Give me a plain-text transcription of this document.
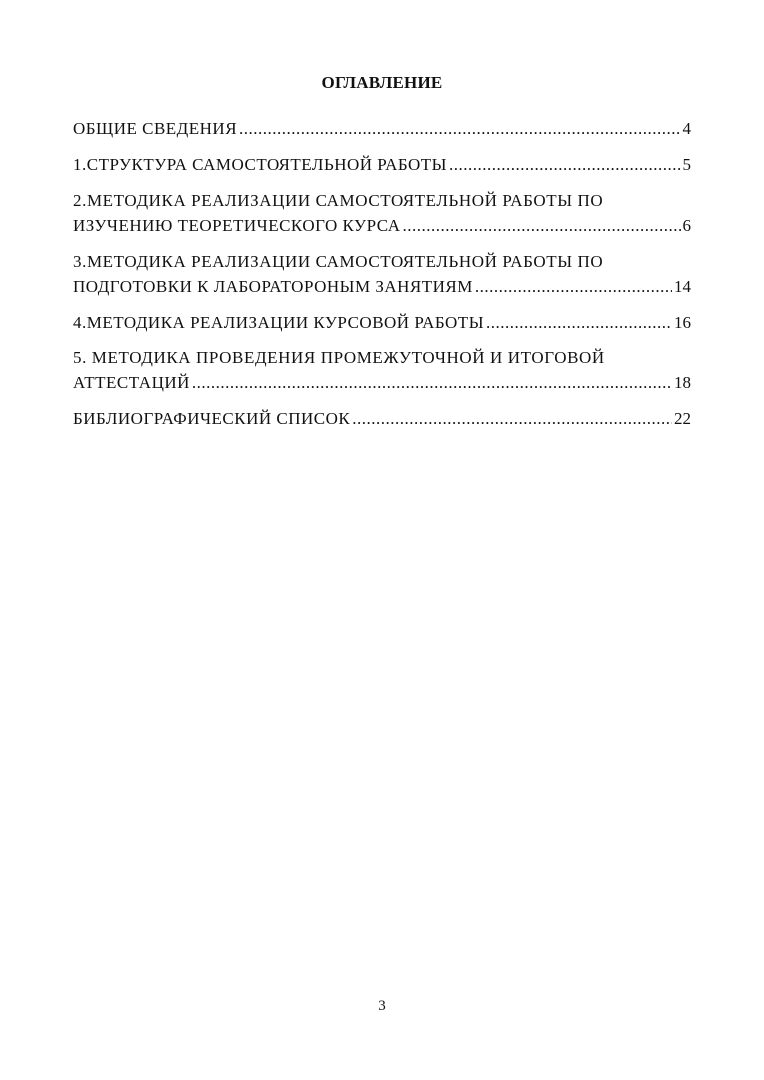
ОГЛАВЛЕНИЕ
ОБЩИЕ СВЕДЕНИЯ .....	4
1.СТРУКТУРА САМОСТОЯТЕЛЬНОЙ РАБОТЫ .....	5
2.МЕТОДИКА РЕАЛИЗАЦИИ САМОСТОЯТЕЛЬНОЙ РАБОТЫ ПО
ИЗУЧЕНИЮ ТЕОРЕТИЧЕСКОГО КУРСА .....	6
3.МЕТОДИКА РЕАЛИЗАЦИИ САМОСТОЯТЕЛЬНОЙ РАБОТЫ ПО
ПОДГОТОВКИ К ЛАБОРАТОРОНЫМ ЗАНЯТИЯМ .....	14
4.МЕТОДИКА РЕАЛИЗАЦИИ КУРСОВОЙ РАБОТЫ .....	16
5. МЕТОДИКА ПРОВЕДЕНИЯ ПРОМЕЖУТОЧНОЙ И ИТОГОВОЙ
АТТЕСТАЦИЙ .....	18
БИБЛИОГРАФИЧЕСКИЙ СПИСОК .....	22
3
